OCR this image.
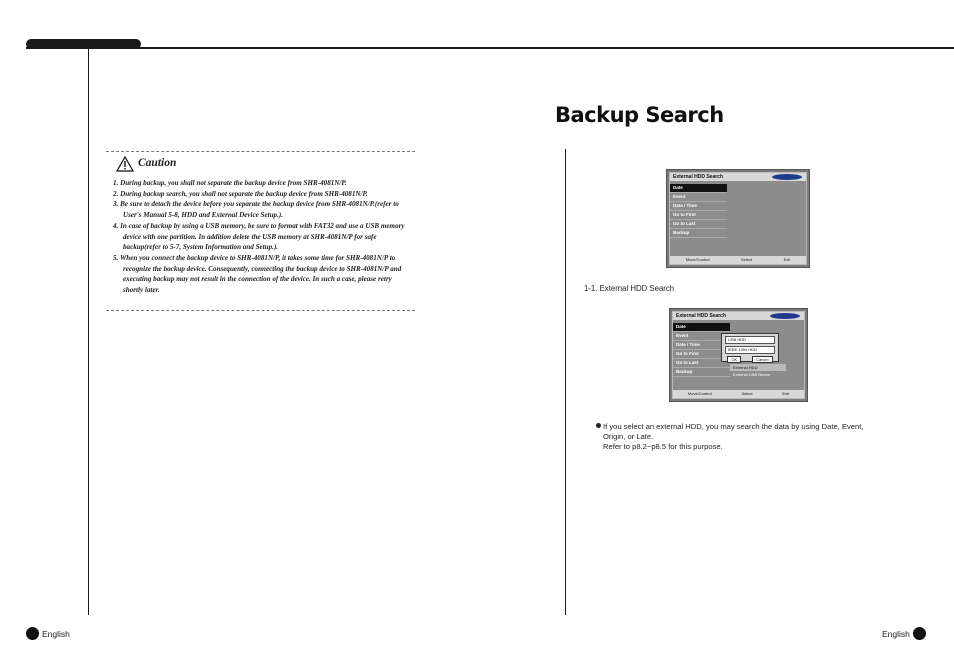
Backup Search
Caution
1. During backup, you shall not separate the backup device from SHR-4081N/P.
2. During backup search, you shall not separate the backup device from SHR-4081N/P.
3. Be sure to detach the device before you separate the backup device from SHR-4081N/P.(refer to User's Manual 5-8, HDD and External Device Setup.).
4. In case of backup by using a USB memory, be sure to format with FAT32 and use a USB memory device with one partition. In addition delete the USB memory at SHR-4081N/P for safe backup(refer to 5-7, System Information and Setup.).
5. When you connect the backup device to SHR-4081N/P, it takes some time for SHR-4081N/P to recognize the backup device. Consequently, connecting the backup device to SHR-4081N/P and executing backup may not result in the connection of the device. In such a case, please retry shortly later.
External HDD Search
Date
Event
Date / Time
Go to First
Go to Last
Backup
Move/Control	Select	Exit
1-1. External HDD Search
External HDD Search
Date
Event
Date / Time
Go to First
Go to Last
Backup
USB HDD
IEEE 1394 HDD
OK	Cancel
External HDD
External USB Device
Move/Control	Select	Exit
If you select an external HDD, you may search the data by using Date, Event,
Origin, or Late.
Refer to p8.2~p8.5 for this purpose.
English	English
